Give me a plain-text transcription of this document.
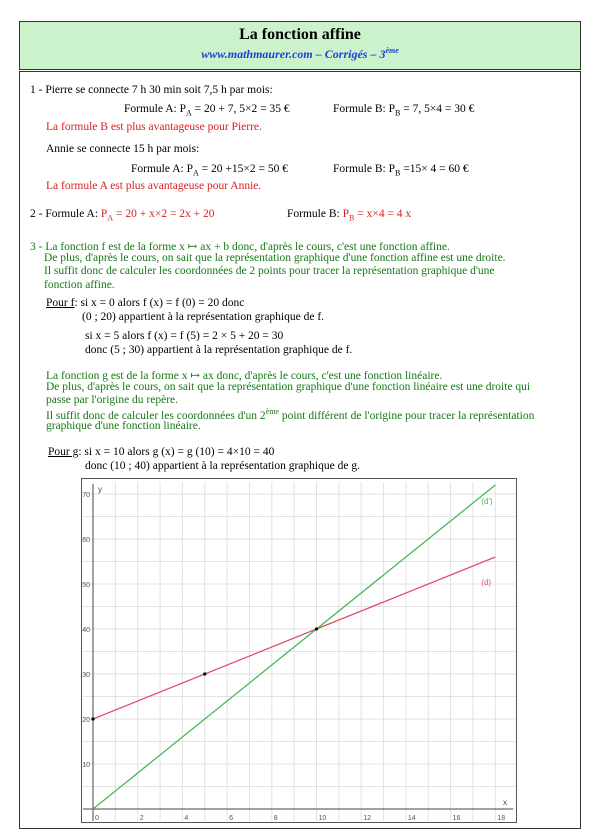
La fonction affine
www.mathmaurer.com – Corrigés – 3ème
1 - Pierre se connecte 7 h 30 min soit 7,5 h par mois:
Formule A: $P_A = 20 + 7$, 5×2 = 35 €	Formule B: $P_B = 7$, 5×4 = 30 €
La formule B est plus avantageuse pour Pierre.
Annie se connecte 15 h par mois:
Formule A: $P_A = 20 +15\times 2 = 50$ €	Formule B: $P_B =15\times 4 = 60$ €
La formule A est plus avantageuse pour Annie.
2 - Formule A: $P_A = 20 + x\times 2 = 2x + 20$	Formule B: $P_B = x\times 4 = 4$ x
3 - La fonction f est de la forme x ↦ ax + b donc, d'après le cours, c'est une fonction affine.
De plus, d'après le cours, on sait que la représentation graphique d'une fonction affine est une droite.
Il suffit donc de calculer les coordonnées de 2 points pour tracer la représentation graphique d'une
fonction affine.
Pour f: si x = 0 alors f (x) = f (0) = 20 donc
(0 ; 20) appartient à la représentation graphique de f.
si x = 5 alors f (x) = f (5) = 2 × 5 + 20 = 30
donc (5 ; 30) appartient à la représentation graphique de f.
La fonction g est de la forme x ↦ ax donc, d'après le cours, c'est une fonction linéaire.
De plus, d'après le cours, on sait que la représentation graphique d'une fonction linéaire est une droite qui
passe par l'origine du repère.
Il suffit donc de calculer les coordonnées d'un 2ème point différent de l'origine pour tracer la représentation
graphique d'une fonction linéaire.
Pour g: si x = 10 alors g (x) = g (10) = 4×10 = 40
donc (10 ; 40) appartient à la représentation graphique de g.
0	2	4	6	8	10	12	14	16	18
10
20
30
40
50
60
70
x
y
(d)
(d')
